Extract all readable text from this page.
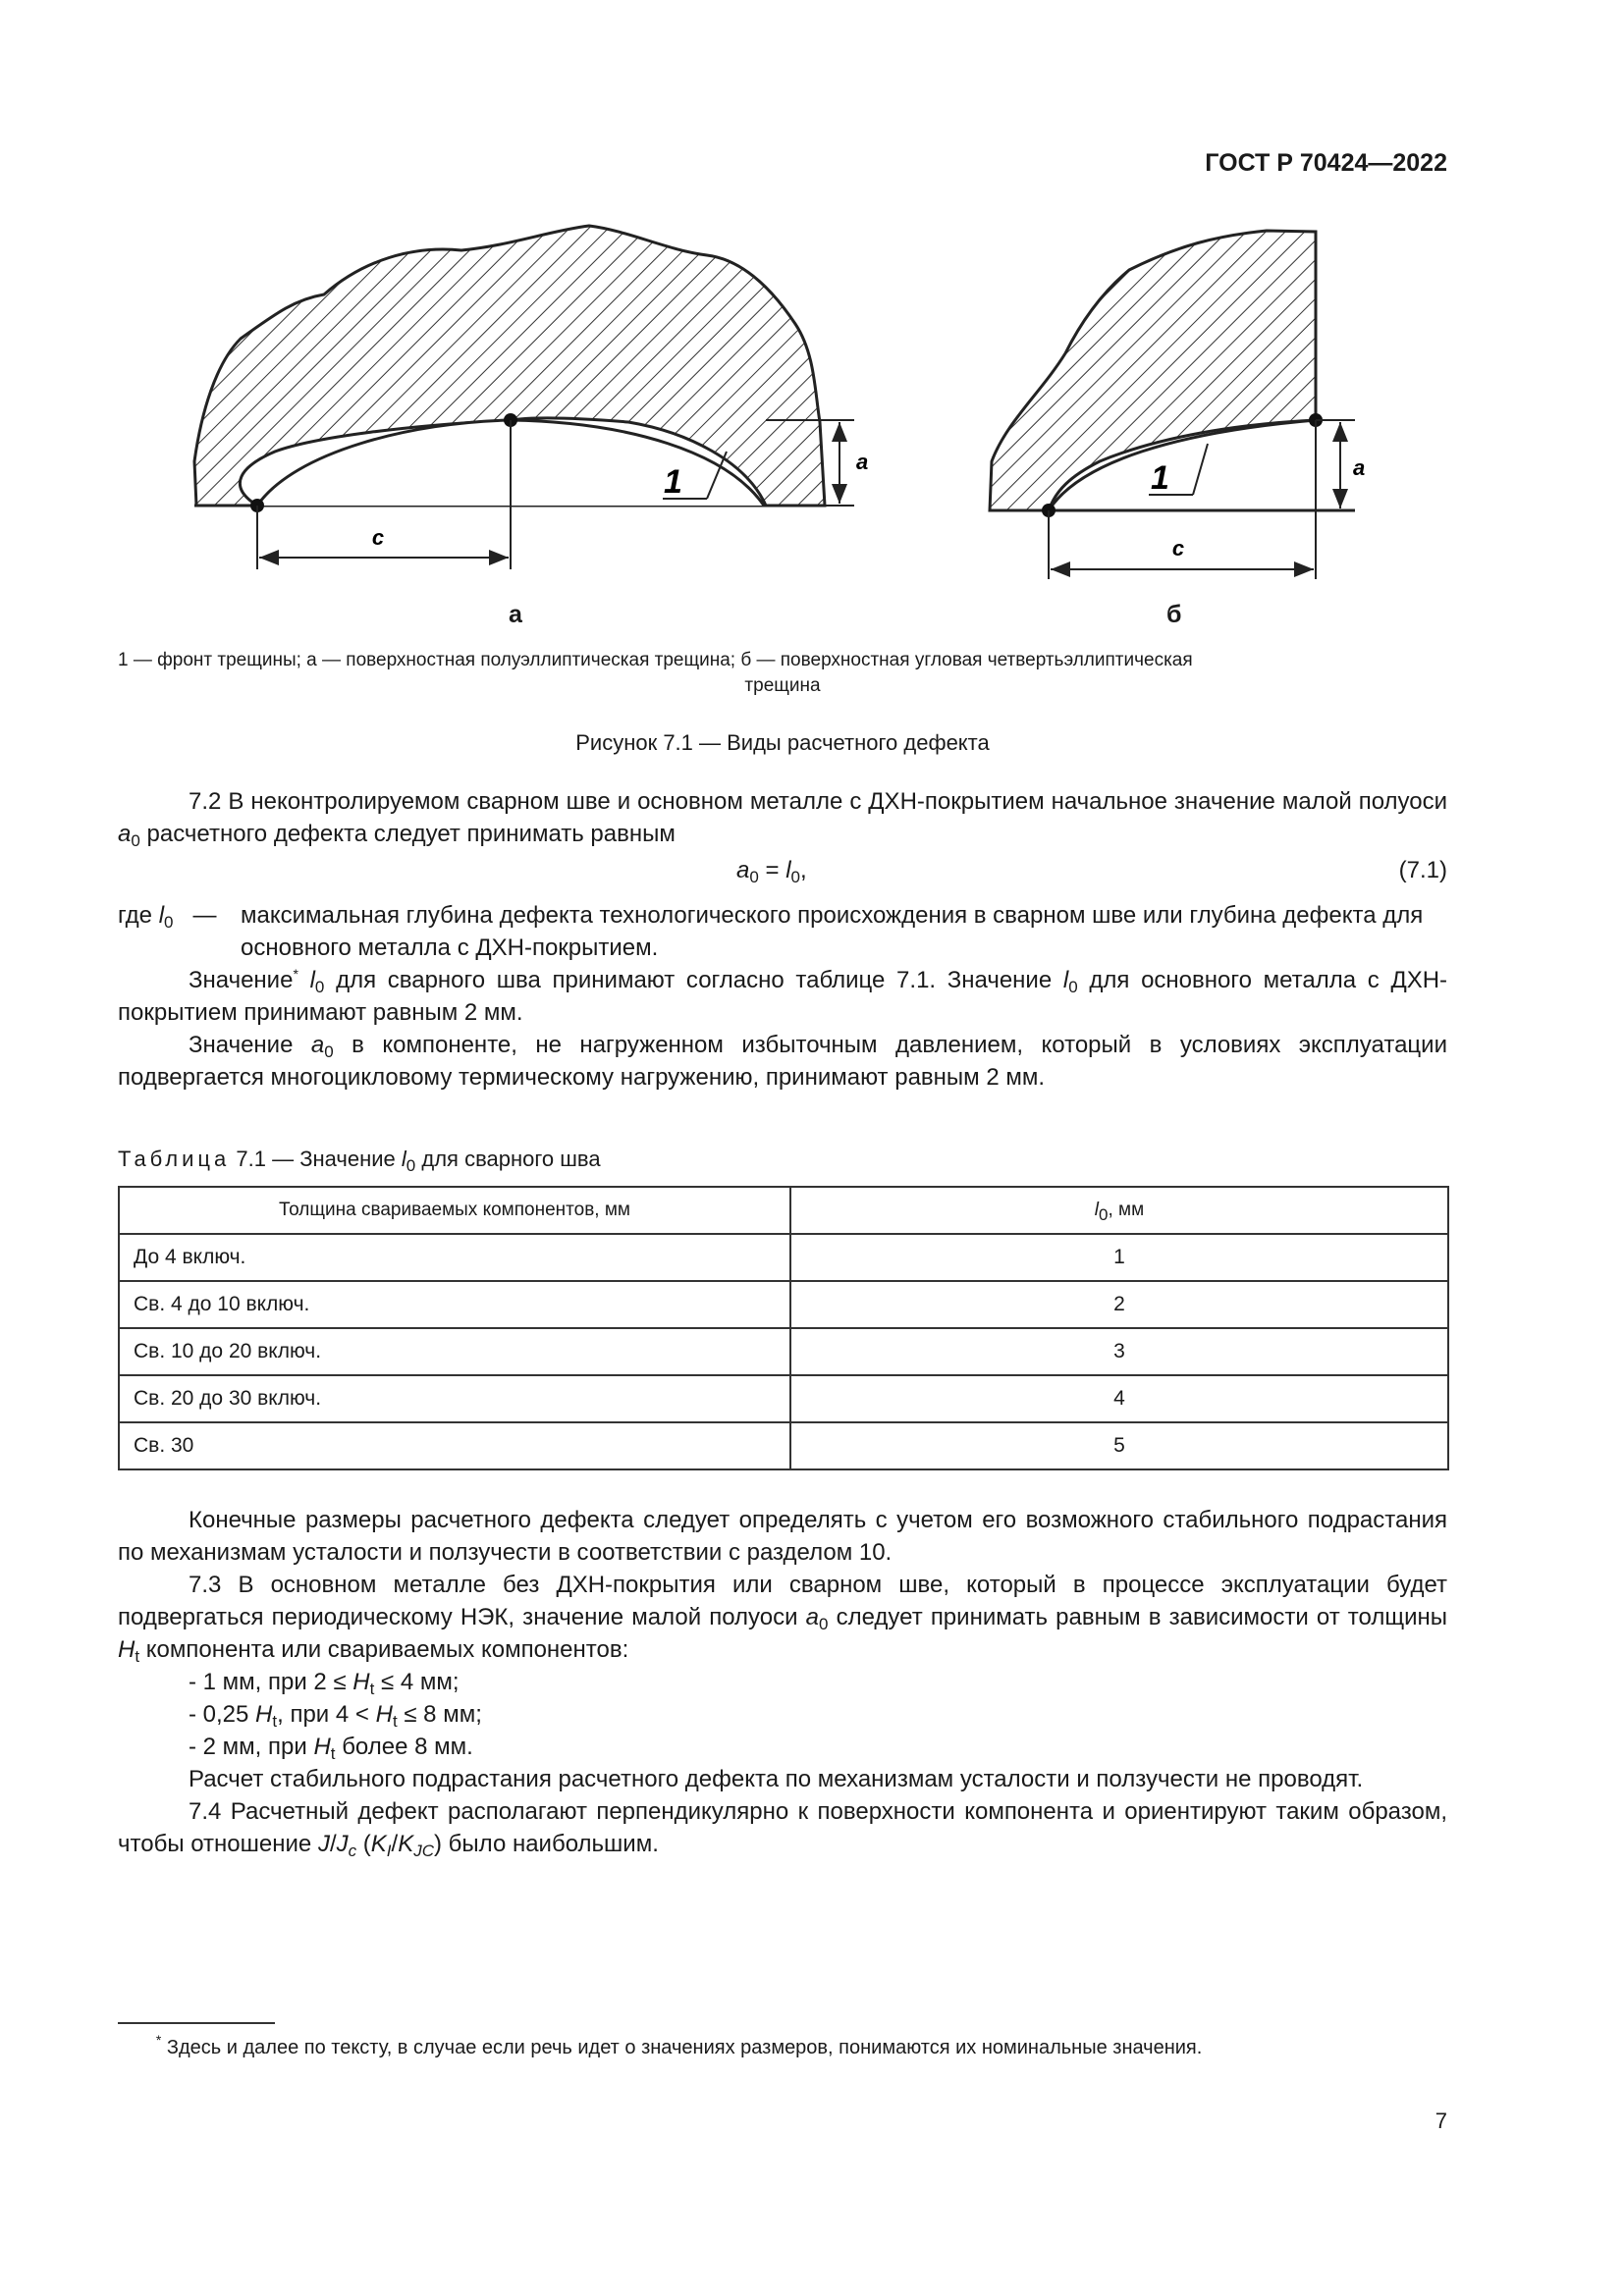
ГОСТ Р 70424—2022
c
a
1
c
a
1
а	б
1 — фронт трещины; а — поверхностная полуэллиптическая трещина; б — поверхностная угловая четвертьэллиптическая
трещина
Рисунок 7.1 — Виды расчетного дефекта

7.2 В неконтролируемом сварном шве и основном металле с ДХН-покрытием начальное значение малой полуоси $a_0$ расчетного дефекта следует принимать равным

$a_0 = l_0$,	(7.1)
где $l_0$ —	максимальная глубина дефекта технологического происхождения в сварном шве или глубина дефекта для основного металла с ДХН-покрытием.

Значение* $l_0$ для сварного шва принимают согласно таблице 7.1. Значение $l_0$ для основного металла с ДХН-покрытием принимают равным 2 мм.

Значение $a_0$ в компоненте, не нагруженном избыточным давлением, который в условиях эксплуатации подвергается многоцикловому термическому нагружению, принимают равным 2 мм.

Таблица 7.1 — Значение $l_0$ для сварного шва
Толщина свариваемых компонентов, мм	$l_0$, мм
До 4 включ.	1
Св. 4 до 10 включ.	2
Св. 10 до 20 включ.	3
Св. 20 до 30 включ.	4
Св. 30	5

Конечные размеры расчетного дефекта следует определять с учетом его возможного стабильного подрастания по механизмам усталости и ползучести в соответствии с разделом 10.

7.3 В основном металле без ДХН-покрытия или сварном шве, который в процессе эксплуатации будет подвергаться периодическому НЭК, значение малой полуоси $a_0$ следует принимать равным в зависимости от толщины $H_t$ компонента или свариваемых компонентов:

- 1 мм, при $2 \le H_t \le 4$ мм;

- 0,25 $H_t$, при $4 < H_t \le 8$ мм;

- 2 мм, при $H_t$ более 8 мм.

Расчет стабильного подрастания расчетного дефекта по механизмам усталости и ползучести не проводят.

7.4 Расчетный дефект располагают перпендикулярно к поверхности компонента и ориентируют таким образом, чтобы отношение $J/J_c$ $(K_I/K_{JC})$ было наибольшим.

* Здесь и далее по тексту, в случае если речь идет о значениях размеров, понимаются их номинальные значения.
7
